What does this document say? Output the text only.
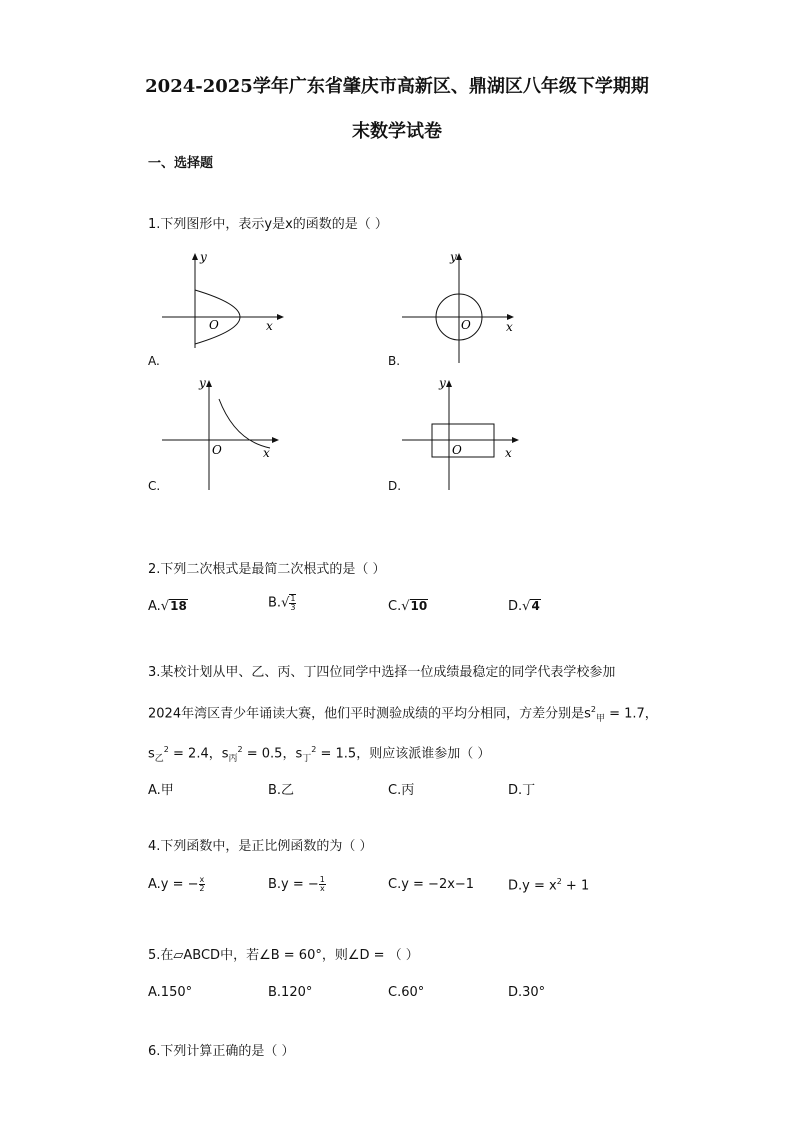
2024-2025学年广东省肇庆市高新区、鼎湖区八年级下学期期
末数学试卷
一、选择题
1.下列图形中，表示y是x的函数的是（ ）
O	x
y
A.
O	x
y
B.
O	x
y
C.
O	x
y
D.
2.下列二次根式是最简二次根式的是（ ）
A.√18	$B.√ \frac{1}{3}$	C.√10	D.√4
3.某校计划从甲、乙、丙、丁四位同学中选择一位成绩最稳定的同学代表学校参加
2024年湾区青少年诵读大赛，他们平时测验成绩的平均分相同，方差分别是$s^2_甲 = 1.7$，
$s_乙^2 = 2.4$，$s_丙^2 = 0.5$，$s_丁^2 = 1.5$，则应该派谁参加（ ）
A.甲	B.乙	C.丙	D.丁
4.下列函数中，是正比例函数的为（ ）
A.y = − $\frac{x}{2}$	B.y = − $\frac{1}{x}$	C.y = −2x−1	$D.y = x^2 + 1$
5.在▱ABCD中，若∠B = 60°，则∠D = （ ）
A.150°	B.120°	C.60°	D.30°
6.下列计算正确的是（ ）
